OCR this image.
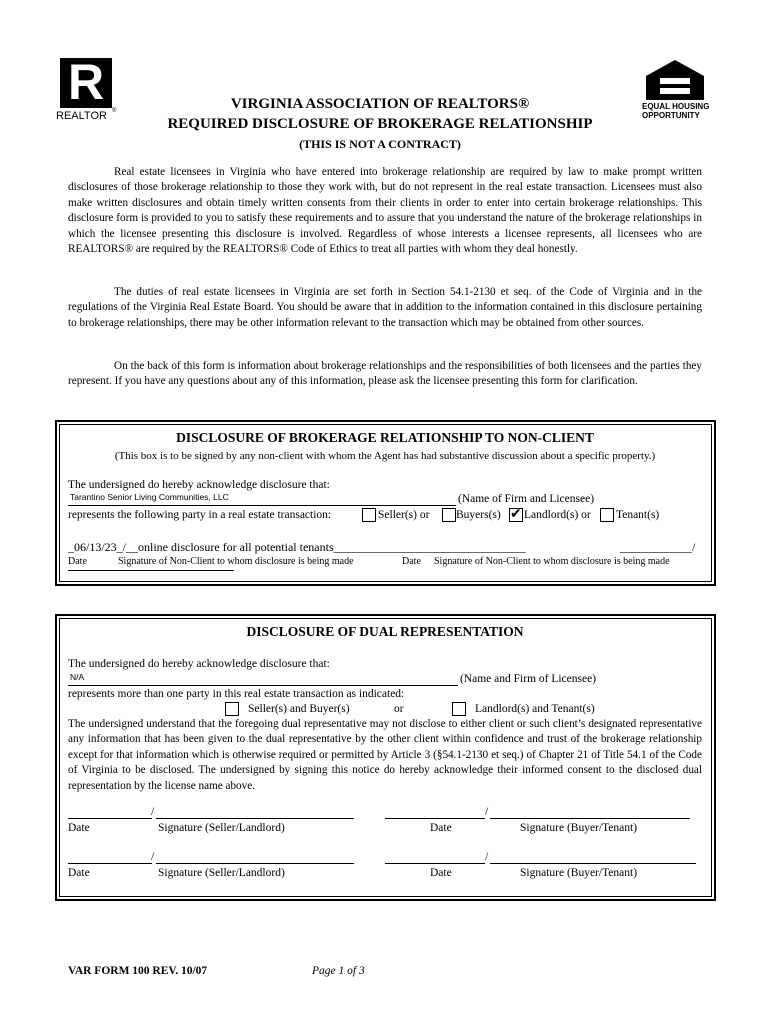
R
REALTOR ®	EQUAL HOUSING
OPPORTUNITY
VIRGINIA ASSOCIATION OF REALTORS®
REQUIRED DISCLOSURE OF BROKERAGE RELATIONSHIP
(THIS IS NOT A CONTRACT)
Real estate licensees in Virginia who have entered into brokerage relationship are required by law to make prompt written disclosures of those brokerage relationship to those they work with, but do not represent in the real estate transaction. Licensees must also make written disclosures and obtain timely written consents from their clients in order to enter into certain brokerage relationships. This disclosure form is provided to you to satisfy these requirements and to assure that you understand the nature of the brokerage relationships in which the licensee presenting this disclosure is involved. Regardless of whose interests a licensee represents, all licensees who are REALTORS® are required by the REALTORS® Code of Ethics to treat all parties with whom they deal honestly.
The duties of real estate licensees in Virginia are set forth in Section 54.1-2130 et seq. of the Code of Virginia and in the regulations of the Virginia Real Estate Board. You should be aware that in addition to the information contained in this disclosure pertaining to brokerage relationships, there may be other information relevant to the transaction which may be obtained from other sources.
On the back of this form is information about brokerage relationships and the responsibilities of both licensees and the parties they represent. If you have any questions about any of this information, please ask the licensee presenting this form for clarification.
DISCLOSURE OF BROKERAGE RELATIONSHIP TO NON-CLIENT
(This box is to be signed by any non-client with whom the Agent has had substantive discussion about a specific property.)
The undersigned do hereby acknowledge disclosure that:
Tarantino Senior Living Communities, LLC	(Name of Firm and Licensee)
represents the following party in a real estate transaction:	Seller(s) or Buyers(s) ✔ Landlord(s) or Tenant(s)
_06/13/23_/__online disclosure for all potential tenants________________________________	____________/
Date	Signature of Non-Client to whom disclosure is being made	Date Signature of Non-Client to whom disclosure is being made
DISCLOSURE OF DUAL REPRESENTATION
The undersigned do hereby acknowledge disclosure that:
N/A	(Name and Firm of Licensee)
represents more than one party in this real estate transaction as indicated:
Seller(s) and Buyer(s)	or	Landlord(s) and Tenant(s)
The undersigned understand that the foregoing dual representative may not disclose to either client or such client’s designated representative any information that has been given to the dual representative by the other client within confidence and trust of the brokerage relationship except for that information which is otherwise required or permitted by Article 3 (§54.1-2130 et seq.) of Chapter 21 of Title 54.1 of the Code of Virginia to be disclosed. The undersigned by signing this notice do hereby acknowledge their informed consent to the disclosed dual representation by the license name above.
/	/
Date	Signature (Seller/Landlord)	Date	Signature (Buyer/Tenant)
/	/
Date	Signature (Seller/Landlord)	Date	Signature (Buyer/Tenant)
VAR FORM 100 REV. 10/07	Page 1 of 3
